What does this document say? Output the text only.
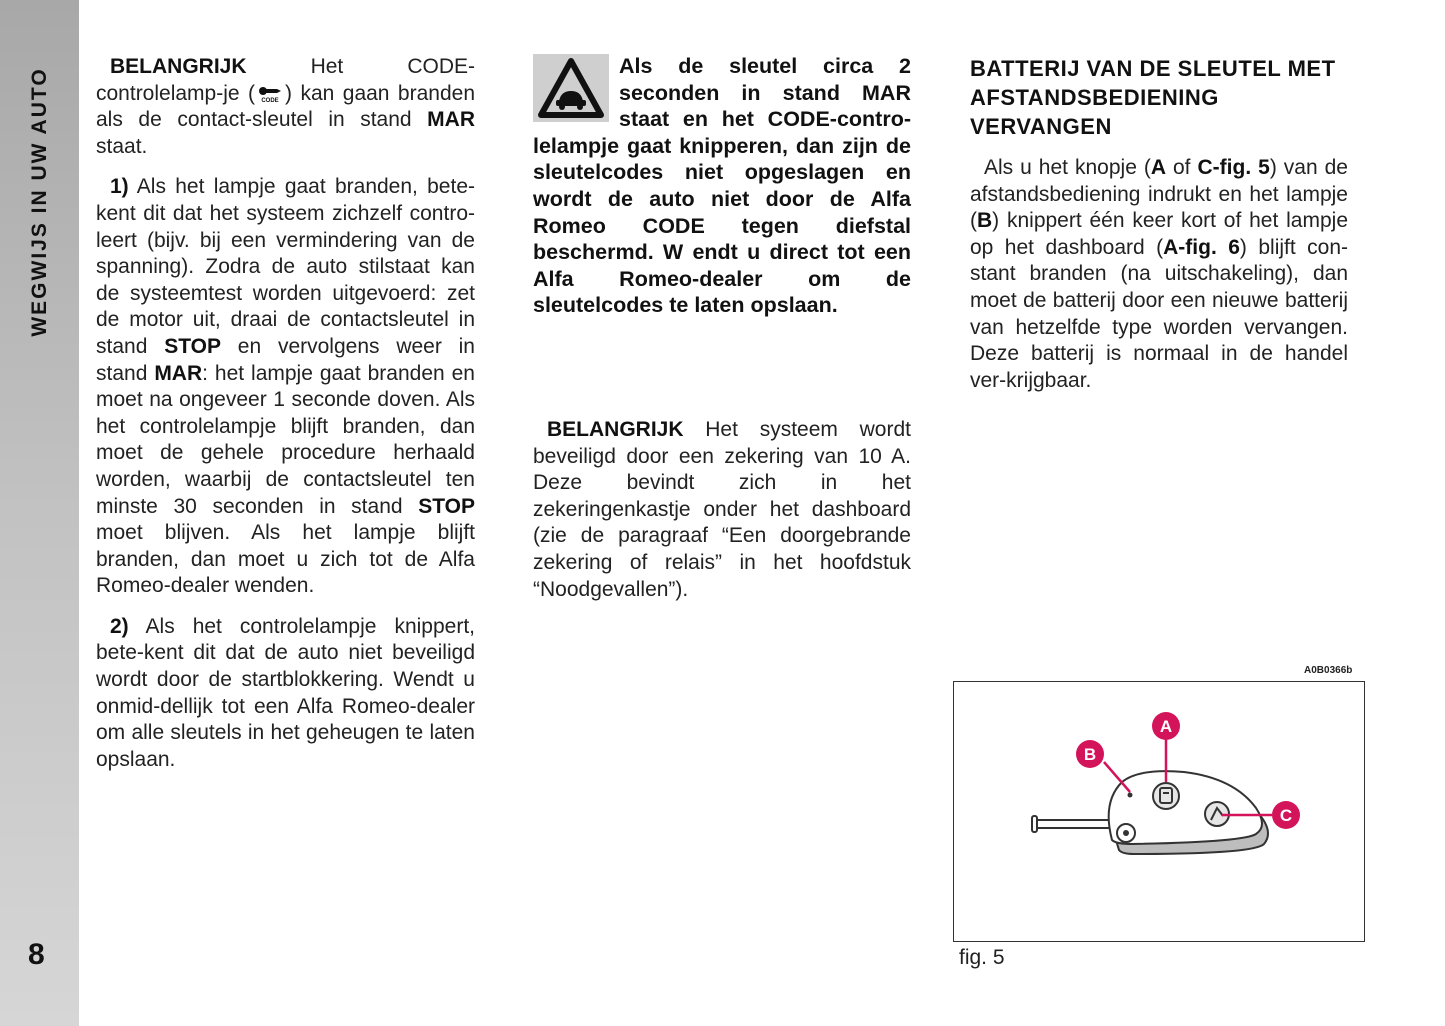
WEGWIJS IN UW AUTO
8

BELANGRIJK Het CODE-controlelamp-je ( CODE ) kan gaan branden als de contact-sleutel in stand MAR staat.

1) Als het lampje gaat branden, bete-kent dit dat het systeem zichzelf contro-leert (bijv. bij een vermindering van de spanning). Zodra de auto stilstaat kan de systeemtest worden uitgevoerd: zet de motor uit, draai de contactsleutel in stand STOP en vervolgens weer in stand MAR: het lampje gaat branden en moet na ongeveer 1 seconde doven. Als het controlelampje blijft branden, dan moet de gehele procedure herhaald worden, waarbij de contactsleutel ten minste 30 seconden in stand STOP moet blijven. Als het lampje blijft branden, dan moet u zich tot de Alfa Romeo-dealer wenden.

2) Als het controlelampje knippert, bete-kent dit dat de auto niet beveiligd wordt door de startblokkering. Wendt u onmid-dellijk tot een Alfa Romeo-dealer om alle sleutels in het geheugen te laten opslaan.

Als de sleutel circa 2 seconden in stand MAR staat en het CODE-contro-lelampje gaat knipperen, dan zijn de sleutelcodes niet opgeslagen en wordt de auto niet door de Alfa Romeo CODE tegen diefstal beschermd. W endt u direct tot een Alfa Romeo-dealer om de sleutelcodes te laten opslaan.

BELANGRIJK Het systeem wordt beveiligd door een zekering van 10 A. Deze bevindt zich in het zekeringenkastje onder het dashboard (zie de paragraaf “Een doorgebrande zekering of relais” in het hoofdstuk “Noodgevallen”).

BATTERIJ VAN DE SLEUTEL MET AFSTANDSBEDIENING VERVANGEN

Als u het knopje (A of C-fig. 5) van de afstandsbediening indrukt en het lampje (B) knippert één keer kort of het lampje op het dashboard (A-fig. 6) blijft con-stant branden (na uitschakeling), dan moet de batterij door een nieuwe batterij van hetzelfde type worden vervangen. Deze batterij is normaal in de handel ver-krijgbaar.

A0B0366b
A
B
C
fig. 5
